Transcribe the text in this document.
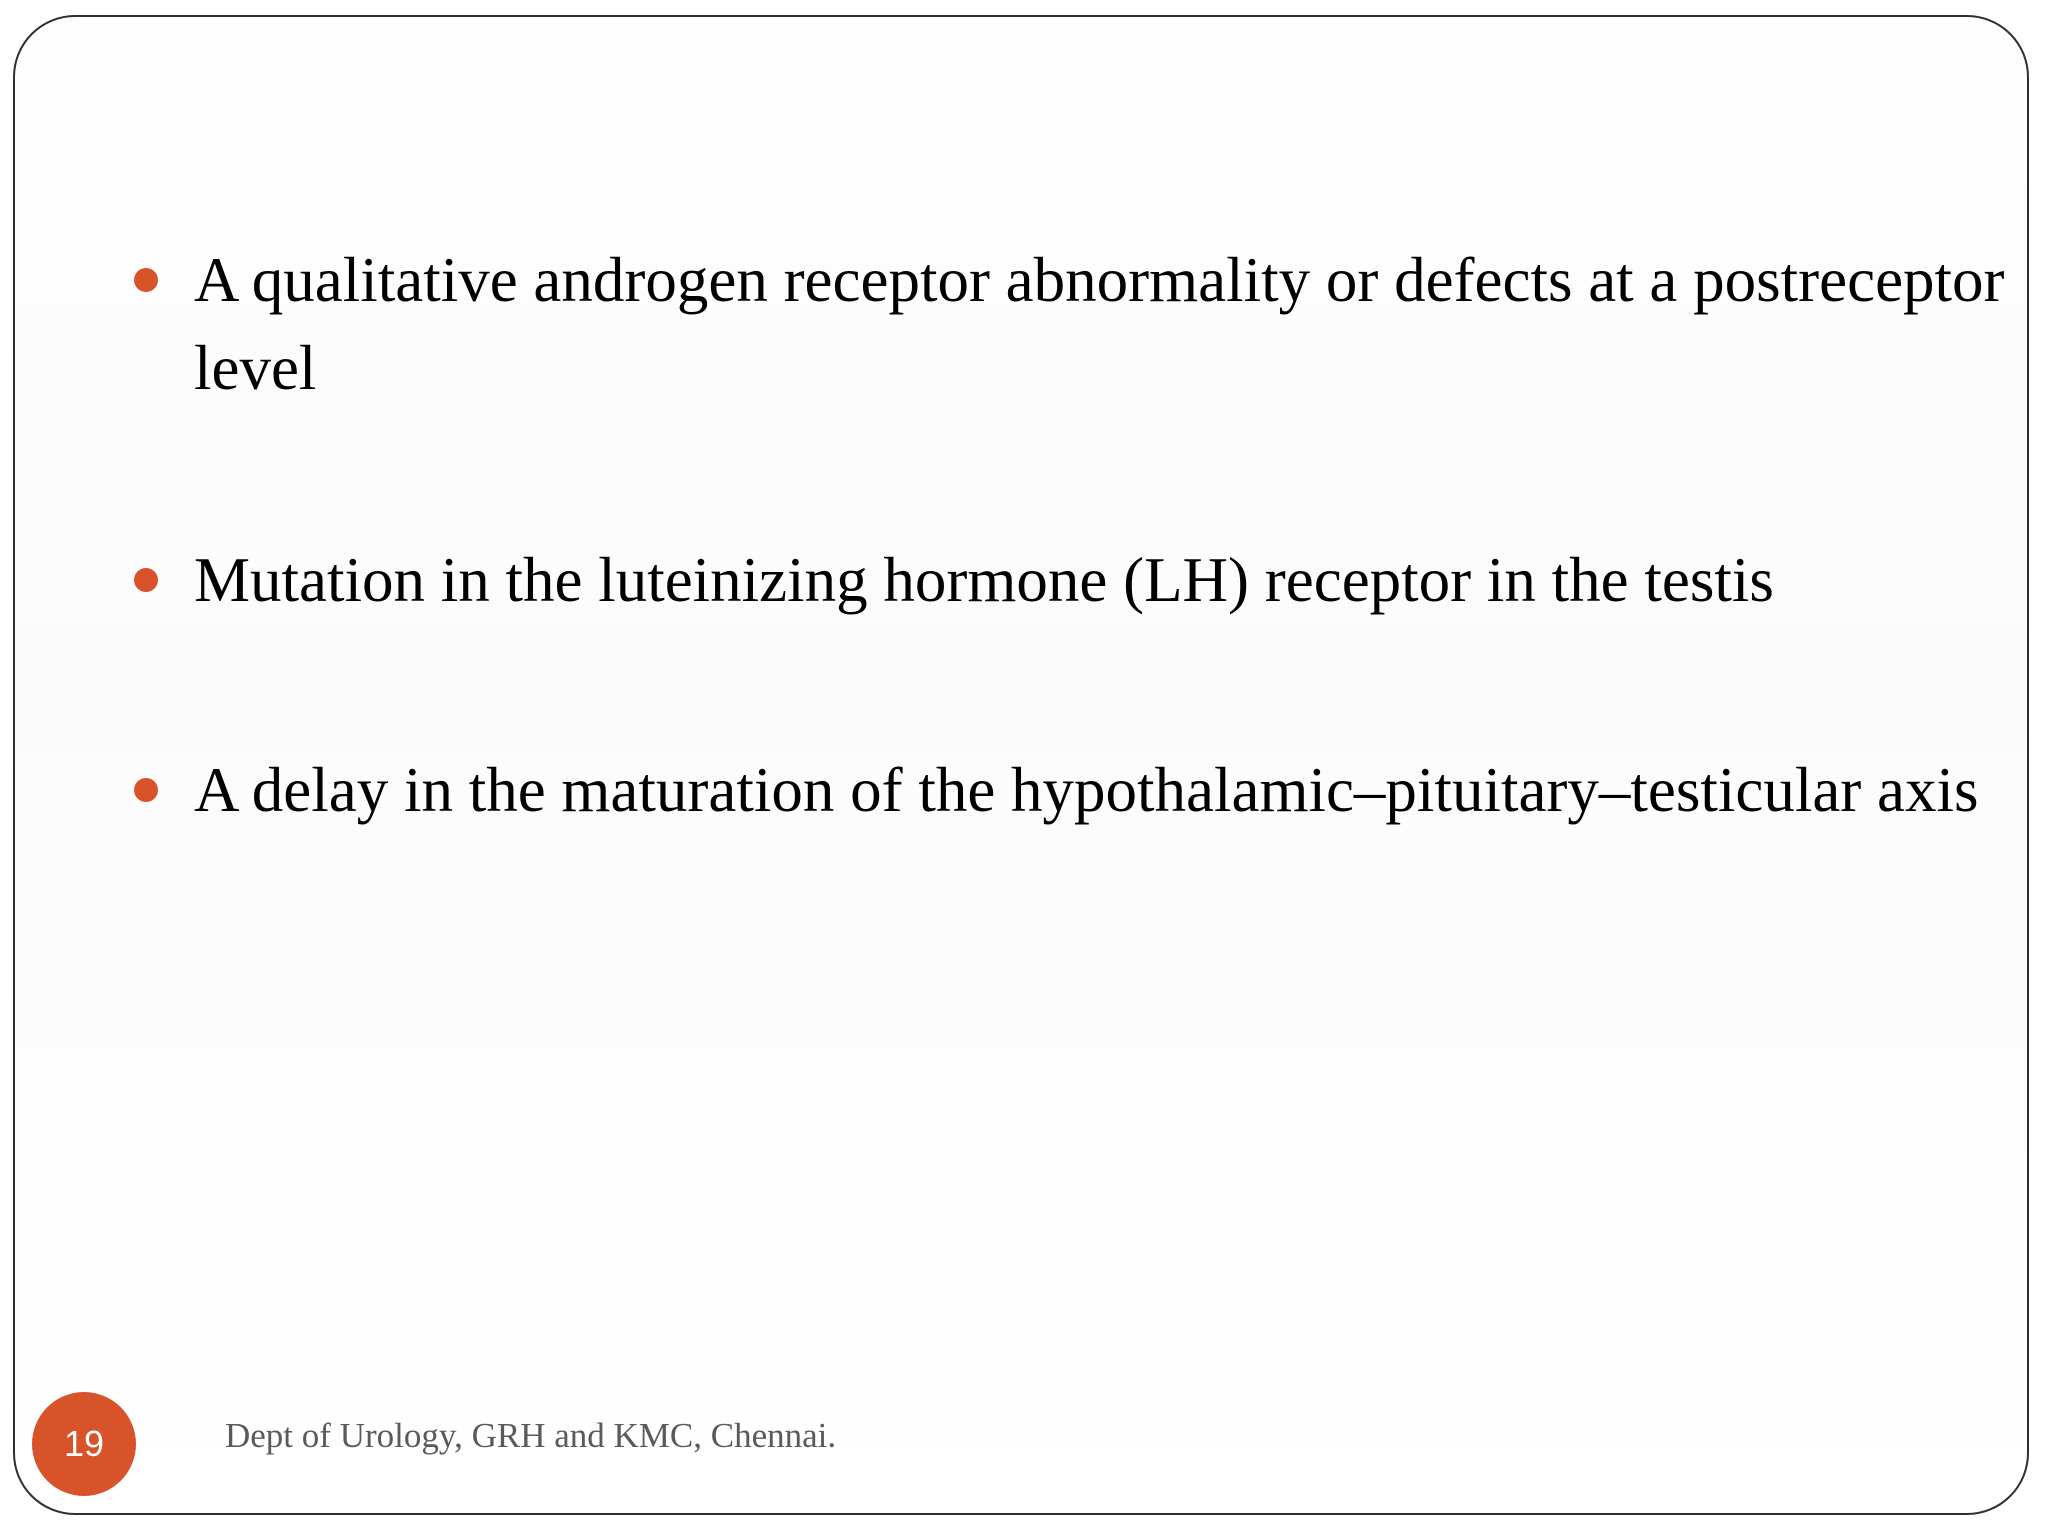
A qualitative androgen receptor abnormality or defects at a postreceptor level
Mutation in the luteinizing hormone (LH) receptor in the testis
A delay in the maturation of the hypothalamic–pituitary–testicular axis
19	Dept of Urology, GRH and KMC, Chennai.
